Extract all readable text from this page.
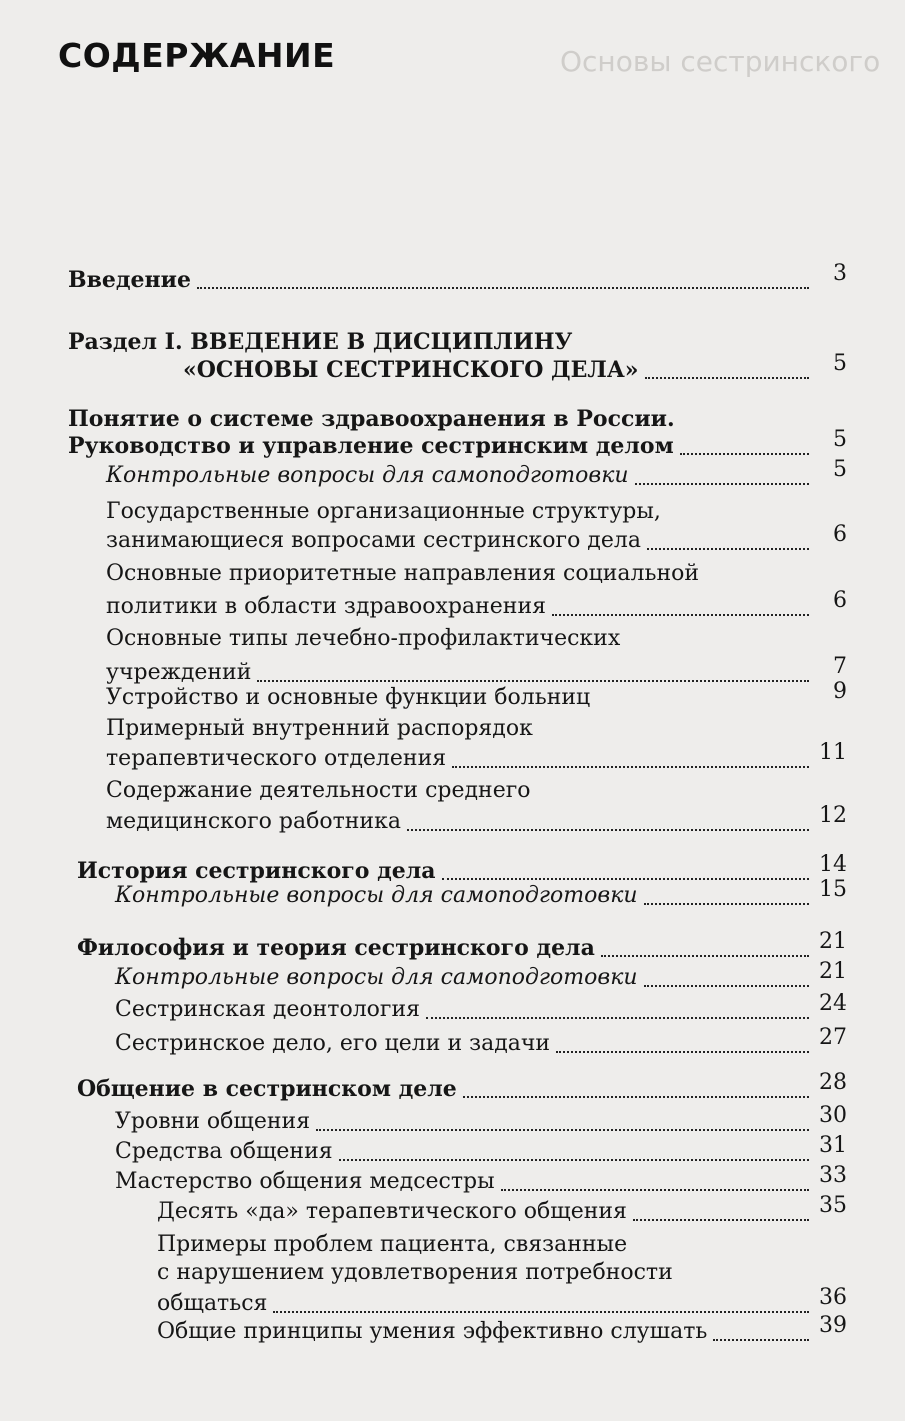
Основы сестринского
СОДЕРЖАНИЕ
Введение	3
Раздел I. ВВЕДЕНИЕ В ДИСЦИПЛИНУ
«ОСНОВЫ СЕСТРИНСКОГО ДЕЛА»	5
Понятие о системе здравоохранения в России.
Руководство и управление сестринским делом	5
Контрольные вопросы для самоподготовки	5
Государственные организационные структуры,
занимающиеся вопросами сестринского дела	6
Основные приоритетные направления социальной
политики в области здравоохранения	6
Основные типы лечебно-профилактических
учреждений	7
Устройство и основные функции больниц	9
Примерный внутренний распорядок
терапевтического отделения	11
Содержание деятельности среднего
медицинского работника	12
История сестринского дела	14
Контрольные вопросы для самоподготовки	15
Философия и теория сестринского дела	21
Контрольные вопросы для самоподготовки	21
Сестринская деонтология	24
Сестринское дело, его цели и задачи	27
Общение в сестринском деле	28
Уровни общения	30
Средства общения	31
Мастерство общения медсестры	33
Десять «да» терапевтического общения	35
Примеры проблем пациента, связанные
с нарушением удовлетворения потребности
общаться	36
Общие принципы умения эффективно слушать	39
